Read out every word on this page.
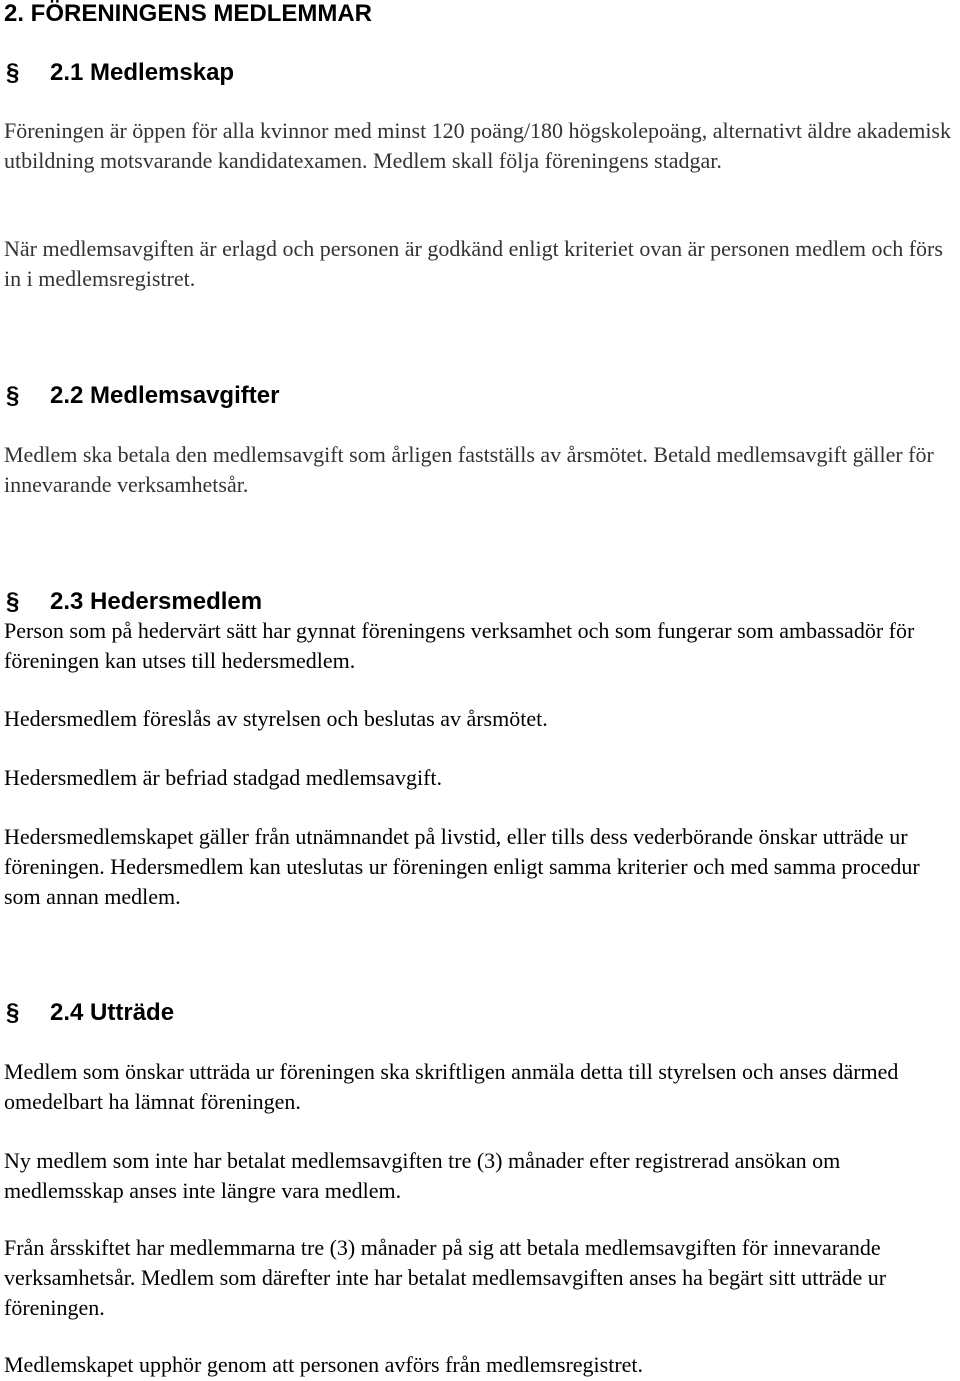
2. FÖRENINGENS MEDLEMMAR
§ 2.1 Medlemskap

Föreningen är öppen för alla kvinnor med minst 120 poäng/180 högskolepoäng, alternativt äldre akademisk utbildning motsvarande kandidatexamen. Medlem skall följa föreningens stadgar.

När medlemsavgiften är erlagd och personen är godkänd enligt kriteriet ovan är personen medlem och förs in i medlemsregistret.

§ 2.2 Medlemsavgifter

Medlem ska betala den medlemsavgift som årligen fastställs av årsmötet. Betald medlemsavgift gäller för innevarande verksamhetsår.

§ 2.3 Hedersmedlem

Person som på hedervärt sätt har gynnat föreningens verksamhet och som fungerar som ambassadör för föreningen kan utses till hedersmedlem.

Hedersmedlem föreslås av styrelsen och beslutas av årsmötet.

Hedersmedlem är befriad stadgad medlemsavgift.

Hedersmedlemskapet gäller från utnämnandet på livstid, eller tills dess vederbörande önskar utträde ur föreningen. Hedersmedlem kan uteslutas ur föreningen enligt samma kriterier och med samma procedur som annan medlem.

§ 2.4 Utträde

Medlem som önskar utträda ur föreningen ska skriftligen anmäla detta till styrelsen och anses därmed omedelbart ha lämnat föreningen.

Ny medlem som inte har betalat medlemsavgiften tre (3) månader efter registrerad ansökan om medlemsskap anses inte längre vara medlem.

Från årsskiftet har medlemmarna tre (3) månader på sig att betala medlemsavgiften för innevarande verksamhetsår. Medlem som därefter inte har betalat medlemsavgiften anses ha begärt sitt utträde ur föreningen.

Medlemskapet upphör genom att personen avförs från medlemsregistret.
